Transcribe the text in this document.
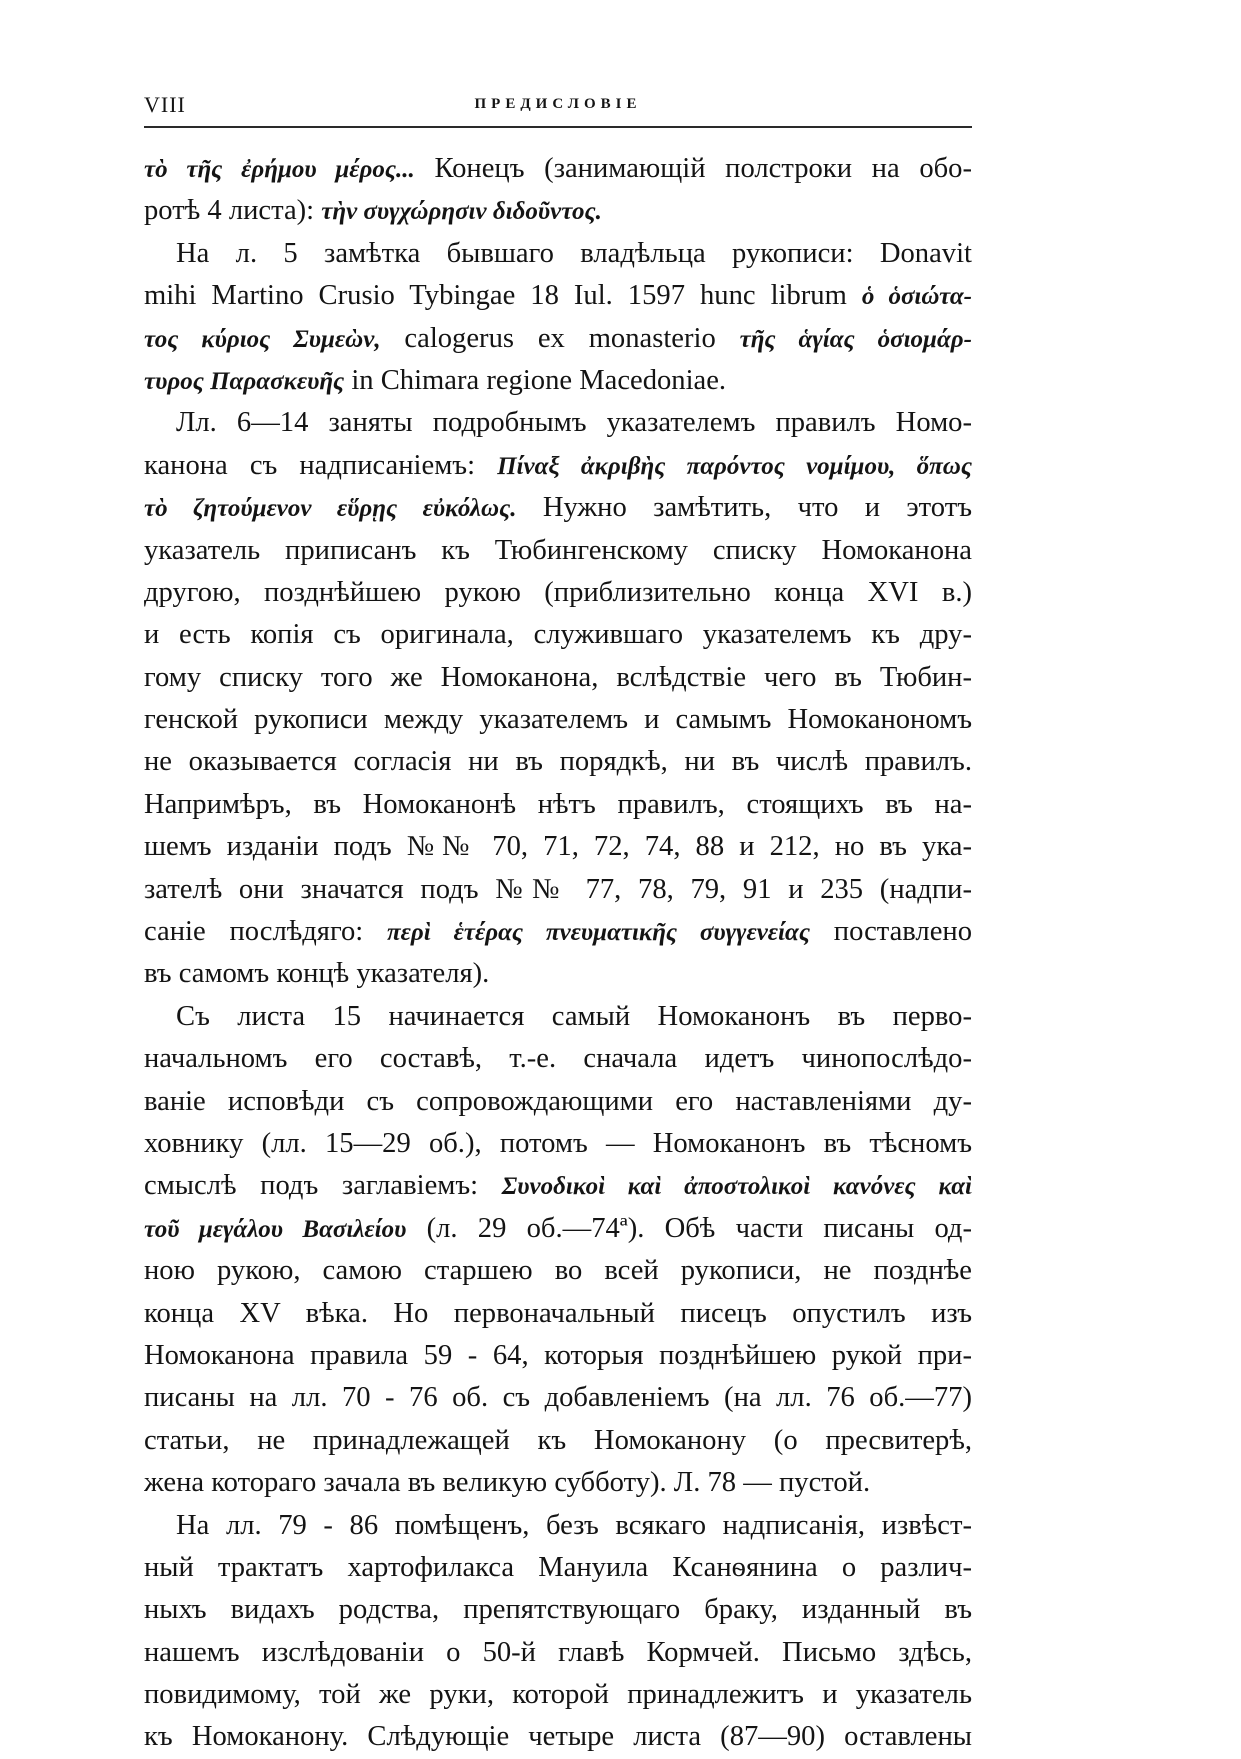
VIII	ПРЕДИСЛОВІЕ

τὸ τῆς ἐρήμου μέρος... Конецъ (занимающій полстроки на обо-
ротѣ 4 листа): τὴν συγχώρησιν διδοῦντος.

На л. 5 замѣтка бывшаго владѣльца рукописи: Donavit
mihi Martino Crusio Tybingae 18 Iul. 1597 hunc librum ὁ ὁσιώτα-
τος κύριος Συμεὼν, calogerus ex monasterio τῆς ἁγίας ὁσιομάρ-
τυρος Παρασκευῆς in Chimara regione Macedoniae.

Лл. 6—14 заняты подробнымъ указателемъ правилъ Номо-
канона съ надписаніемъ: Πίναξ ἀκριβὴς παρόντος νομίμου, ὅπως
τὸ ζητούμενον εὕρῃς εὐκόλως. Нужно замѣтить, что и этотъ
указатель приписанъ къ Тюбингенскому списку Номоканона
другою, позднѣйшею рукою (приблизительно конца XVI в.)
и есть копія съ оригинала, служившаго указателемъ къ дру-
гому списку того же Номоканона, вслѣдствіе чего въ Тюбин-
генской рукописи между указателемъ и самымъ Номоканономъ
не оказывается согласія ни въ порядкѣ, ни въ числѣ правилъ.
Напримѣръ, въ Номоканонѣ нѣтъ правилъ, стоящихъ въ на-
шемъ изданіи подъ №№ 70, 71, 72, 74, 88 и 212, но въ ука-
зателѣ они значатся подъ №№ 77, 78, 79, 91 и 235 (надпи-
саніе послѣдяго: περὶ ἑτέρας πνευματικῆς συγγενείας поставлено
въ самомъ концѣ указателя).

Съ листа 15 начинается самый Номоканонъ въ перво-
начальномъ его составѣ, т.-е. сначала идетъ чинопослѣдо-
ваніе исповѣди съ сопровождающими его наставленіями ду-
ховнику (лл. 15—29 об.), потомъ — Номоканонъ въ тѣсномъ
смыслѣ подъ заглавіемъ: Συνοδικοὶ καὶ ἀποστολικοὶ κανόνες καὶ
τοῦ μεγάλου Βασιλείου (л. 29 об.—74ª). Обѣ части писаны од-
ною рукою, самою старшею во всей рукописи, не позднѣе
конца XV вѣка. Но первоначальный писецъ опустилъ изъ
Номоканона правила 59 - 64, которыя позднѣйшею рукой при-
писаны на лл. 70 - 76 об. съ добавленіемъ (на лл. 76 об.—77)
статьи, не принадлежащей къ Номоканону (о пресвитерѣ,
жена котораго зачала въ великую субботу). Л. 78 — пустой.

На лл. 79 - 86 помѣщенъ, безъ всякаго надписанія, извѣст-
ный трактатъ хартофилакса Мануила Ксанѳянина о различ-
ныхъ видахъ родства, препятствующаго браку, изданный въ
нашемъ изслѣдованіи о 50-й главѣ Кормчей. Письмо здѣсь,
повидимому, той же руки, которой принадлежитъ и указатель
къ Номоканону. Слѣдующіе четыре листа (87—90) оставлены
